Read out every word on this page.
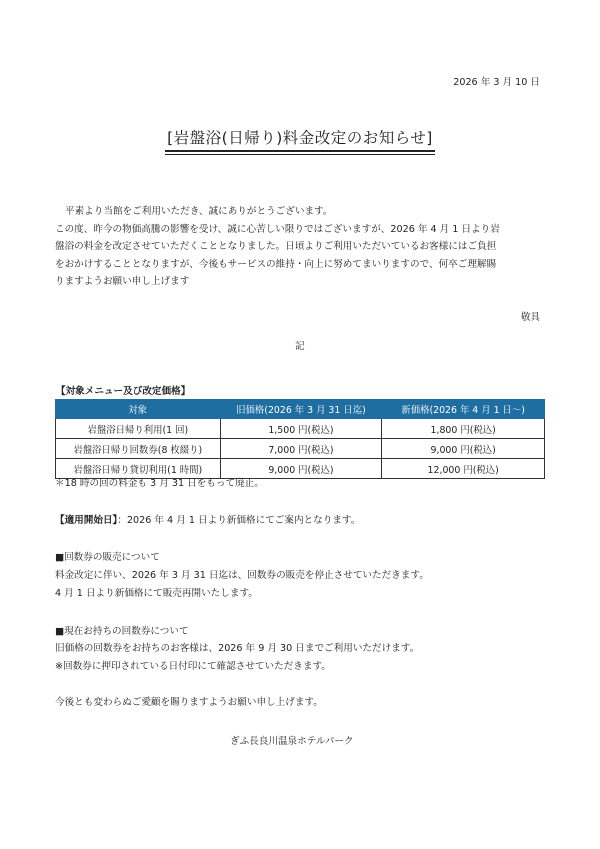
2026 年 3 月 10 日
[岩盤浴(日帰り)料金改定のお知らせ]
平素より当館をご利用いただき、誠にありがとうございます。
この度、昨今の物価高騰の影響を受け、誠に心苦しい限りではございますが、2026 年 4 月 1 日より岩
盤浴の料金を改定させていただくこととなりました。日頃よりご利用いただいているお客様にはご負担
をおかけすることとなりますが、今後もサービスの維持・向上に努めてまいりますので、何卒ご理解賜
りますようお願い申し上げます
敬具
記
【対象メニュー及び改定価格】
対象	旧価格(2026 年 3 月 31 日迄)	新価格(2026 年 4 月 1 日〜)
岩盤浴日帰り利用(1 回)	1,500 円(税込)	1,800 円(税込)
岩盤浴日帰り回数券(8 枚綴り)	7,000 円(税込)	9,000 円(税込)
岩盤浴日帰り貸切利用(1 時間)	9,000 円(税込)	12,000 円(税込)
＊18 時の回の料金も 3 月 31 日をもって廃止。
【適用開始日】：2026 年 4 月 1 日より新価格にてご案内となります。
■回数券の販売について
料金改定に伴い、2026 年 3 月 31 日迄は、回数券の販売を停止させていただきます。
4 月 1 日より新価格にて販売再開いたします。
■現在お持ちの回数券について
旧価格の回数券をお持ちのお客様は、2026 年 9 月 30 日までご利用いただけます。
※回数券に押印されている日付印にて確認させていただきます。
今後とも変わらぬご愛顧を賜りますようお願い申し上げます。
ぎふ長良川温泉ホテルパーク
